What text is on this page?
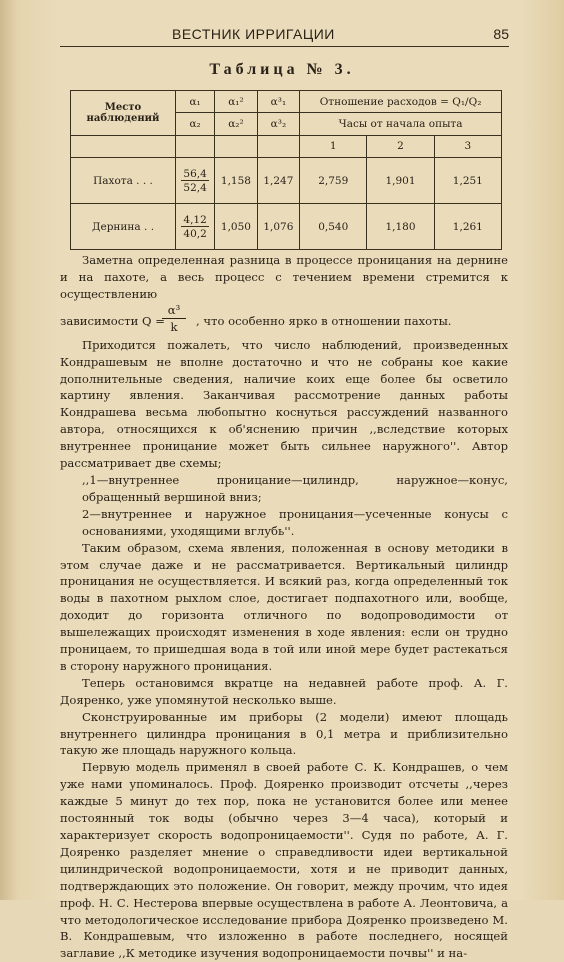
ВЕСТНИК ИРРИГАЦИИ	85
Таблица № 3.
Место наблюдений	α₁	α₁²	α³₁	Отношение расходов = Q₁/Q₂		
	α₂	α₂²	α³₂	Часы от начала опыта		
				1	2	3
Пахота . . .	$\frac{56,4}{52,4}$	1,158	1,247	2,759	1,901	1,251
Дернина . .	$\frac{4,12}{40,2}$	1,050	1,076	0,540	1,180	1,261

Заметна определенная разница в процессе проницания на дернине и на пахоте, а весь процесс с течением времени стремится к осуществлению

зависимости Q =
α³
k	, что особенно ярко в отношении пахоты.

Приходится пожалеть, что число наблюдений, произведенных Кондрашевым не вполне достаточно и что не собраны кое какие дополнительные сведения, наличие коих еще более бы осветило картину явления. Заканчивая рассмотрение данных работы Кондрашева весьма любопытно коснуться рассуждений названного автора, относящихся к об'яснению причин ,,вследствие которых внутреннее проницание может быть сильнее наружного''. Автор рассматривает две схемы;

,,1—внутреннее проницание—цилиндр, наружное—конус, обращенный вершиной вниз;

2—внутреннее и наружное проницания—усеченные конусы с основаниями, уходящими вглубь''.

Таким образом, схема явления, положенная в основу методики в этом случае даже и не рассматривается. Вертикальный цилиндр проницания не осуществляется. И всякий раз, когда определенный ток воды в пахотном рыхлом слое, достигает подпахотного или, вообще, доходит до горизонта отличного по водопроводимости от вышележащих происходят изменения в ходе явления: если он трудно проницаем, то пришедшая вода в той или иной мере будет растекаться в сторону наружного проницания.

Теперь остановимся вкратце на недавней работе проф. А. Г. Дояренко, уже упомянутой несколько выше.

Сконструированные им приборы (2 модели) имеют площадь внутреннего цилиндра проницания в 0,1 метра и приблизительно такую же площадь наружного кольца.

Первую модель применял в своей работе С. К. Кондрашев, о чем уже нами упоминалось. Проф. Дояренко производит отсчеты ,,через каждые 5 минут до тех пор, пока не установится более или менее постоянный ток воды (обычно через 3—4 часа), который и характеризует скорость водопроницаемости''. Судя по работе, А. Г. Дояренко разделяет мнение о справедливости идеи вертикальной цилиндрической водопроницаемости, хотя и не приводит данных, подтверждающих это положение. Он говорит, между прочим, что идея проф. Н. С. Нестерова впервые осуществлена в работе А. Леонтовича, а что методологическое исследование прибора Дояренко произведено М. В. Кондрашевым, что изложенно в работе последнего, носящей заглавие ,,К методике изучения водопроницаемости почвы'' и на-
